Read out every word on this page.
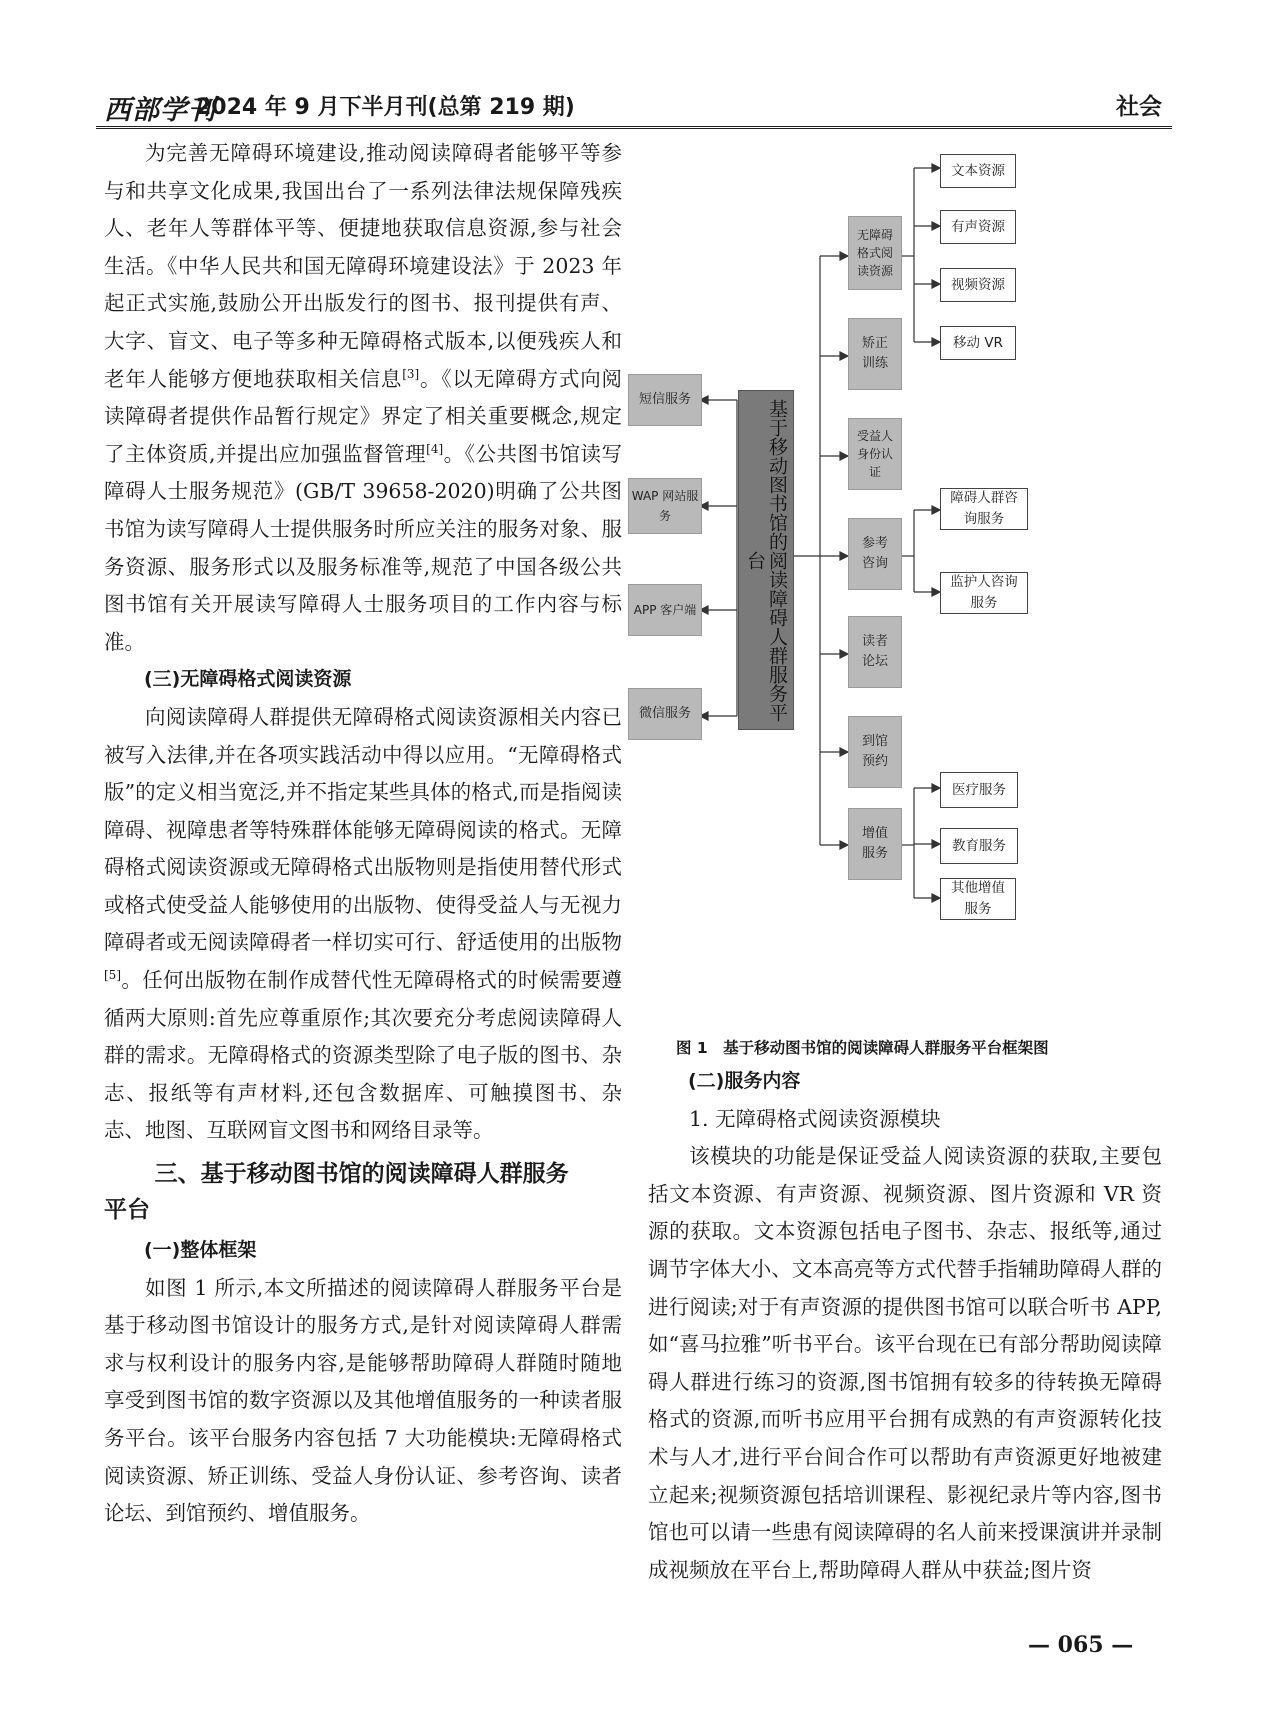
西部学刊
2024 年 9 月下半月刊(总第 219 期)	社会

为完善无障碍环境建设,推动阅读障碍者能够平等参与和共享文化成果,我国出台了一系列法律法规保障残疾人、老年人等群体平等、便捷地获取信息资源,参与社会生活。《中华人民共和国无障碍环境建设法》于 2023 年起正式实施,鼓励公开出版发行的图书、报刊提供有声、大字、盲文、电子等多种无障碍格式版本,以便残疾人和老年人能够方便地获取相关信息[3]。《以无障碍方式向阅读障碍者提供作品暂行规定》界定了相关重要概念,规定了主体资质,并提出应加强监督管理[4]。《公共图书馆读写障碍人士服务规范》(GB/T 39658-2020)明确了公共图书馆为读写障碍人士提供服务时所应关注的服务对象、服务资源、服务形式以及服务标准等,规范了中国各级公共图书馆有关开展读写障碍人士服务项目的工作内容与标准。

(三)无障碍格式阅读资源

向阅读障碍人群提供无障碍格式阅读资源相关内容已被写入法律,并在各项实践活动中得以应用。“无障碍格式版”的定义相当宽泛,并不指定某些具体的格式,而是指阅读障碍、视障患者等特殊群体能够无障碍阅读的格式。无障碍格式阅读资源或无障碍格式出版物则是指使用替代形式或格式使受益人能够使用的出版物、使得受益人与无视力障碍者或无阅读障碍者一样切实可行、舒适使用的出版物[5]。任何出版物在制作成替代性无障碍格式的时候需要遵循两大原则:首先应尊重原作;其次要充分考虑阅读障碍人群的需求。无障碍格式的资源类型除了电子版的图书、杂志、报纸等有声材料,还包含数据库、可触摸图书、杂志、地图、互联网盲文图书和网络目录等。

三、基于移动图书馆的阅读障碍人群服务
平台
(一)整体框架

如图 1 所示,本文所描述的阅读障碍人群服务平台是基于移动图书馆设计的服务方式,是针对阅读障碍人群需求与权利设计的服务内容,是能够帮助障碍人群随时随地享受到图书馆的数字资源以及其他增值服务的一种读者服务平台。该平台服务内容包括 7 大功能模块:无障碍格式阅读资源、矫正训练、受益人身份认证、参考咨询、读者论坛、到馆预约、增值服务。

基于移动图书馆的阅读障碍人群服务平台
短信服务
WAP 网站服务
APP 客户端
微信服务
无障碍格式阅读资源
矫正训练
受益人身份认证
参考咨询
读者论坛
到馆预约
增值服务
文本资源
有声资源
视频资源
移动 VR
障碍人群咨询服务
监护人咨询服务
医疗服务
教育服务
其他增值服务
图 1　基于移动图书馆的阅读障碍人群服务平台框架图
(二)服务内容

1. 无障碍格式阅读资源模块

该模块的功能是保证受益人阅读资源的获取,主要包括文本资源、有声资源、视频资源、图片资源和 VR 资源的获取。文本资源包括电子图书、杂志、报纸等,通过调节字体大小、文本高亮等方式代替手指辅助障碍人群的进行阅读;对于有声资源的提供图书馆可以联合听书 APP,如“喜马拉雅”听书平台。该平台现在已有部分帮助阅读障碍人群进行练习的资源,图书馆拥有较多的待转换无障碍格式的资源,而听书应用平台拥有成熟的有声资源转化技术与人才,进行平台间合作可以帮助有声资源更好地被建立起来;视频资源包括培训课程、影视纪录片等内容,图书馆也可以请一些患有阅读障碍的名人前来授课演讲并录制成视频放在平台上,帮助障碍人群从中获益;图片资

— 065 —
